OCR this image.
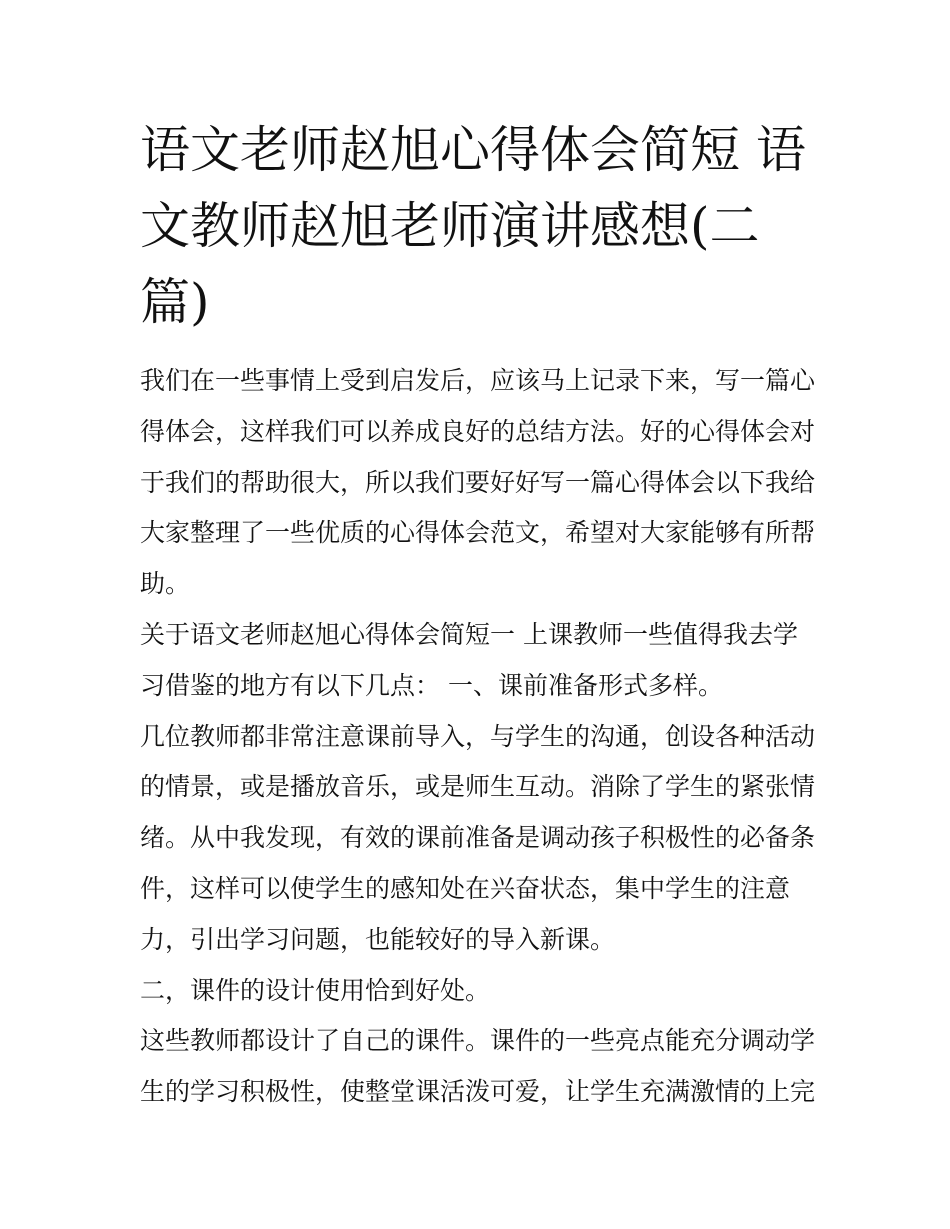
语文老师赵旭心得体会简短 语文教师赵旭老师演讲感想(二篇)

我们在一些事情上受到启发后，应该马上记录下来，写一篇心得体会，这样我们可以养成良好的总结方法。好的心得体会对于我们的帮助很大，所以我们要好好写一篇心得体会以下我给大家整理了一些优质的心得体会范文，希望对大家能够有所帮助。

关于语文老师赵旭心得体会简短一 上课教师一些值得我去学习借鉴的地方有以下几点： 一、课前准备形式多样。

几位教师都非常注意课前导入，与学生的沟通，创设各种活动的情景，或是播放音乐，或是师生互动。消除了学生的紧张情绪。从中我发现，有效的课前准备是调动孩子积极性的必备条件，这样可以使学生的感知处在兴奋状态，集中学生的注意力，引出学习问题，也能较好的导入新课。

二，课件的设计使用恰到好处。

这些教师都设计了自己的课件。课件的一些亮点能充分调动学生的学习积极性，使整堂课活泼可爱，让学生充满激情的上完
